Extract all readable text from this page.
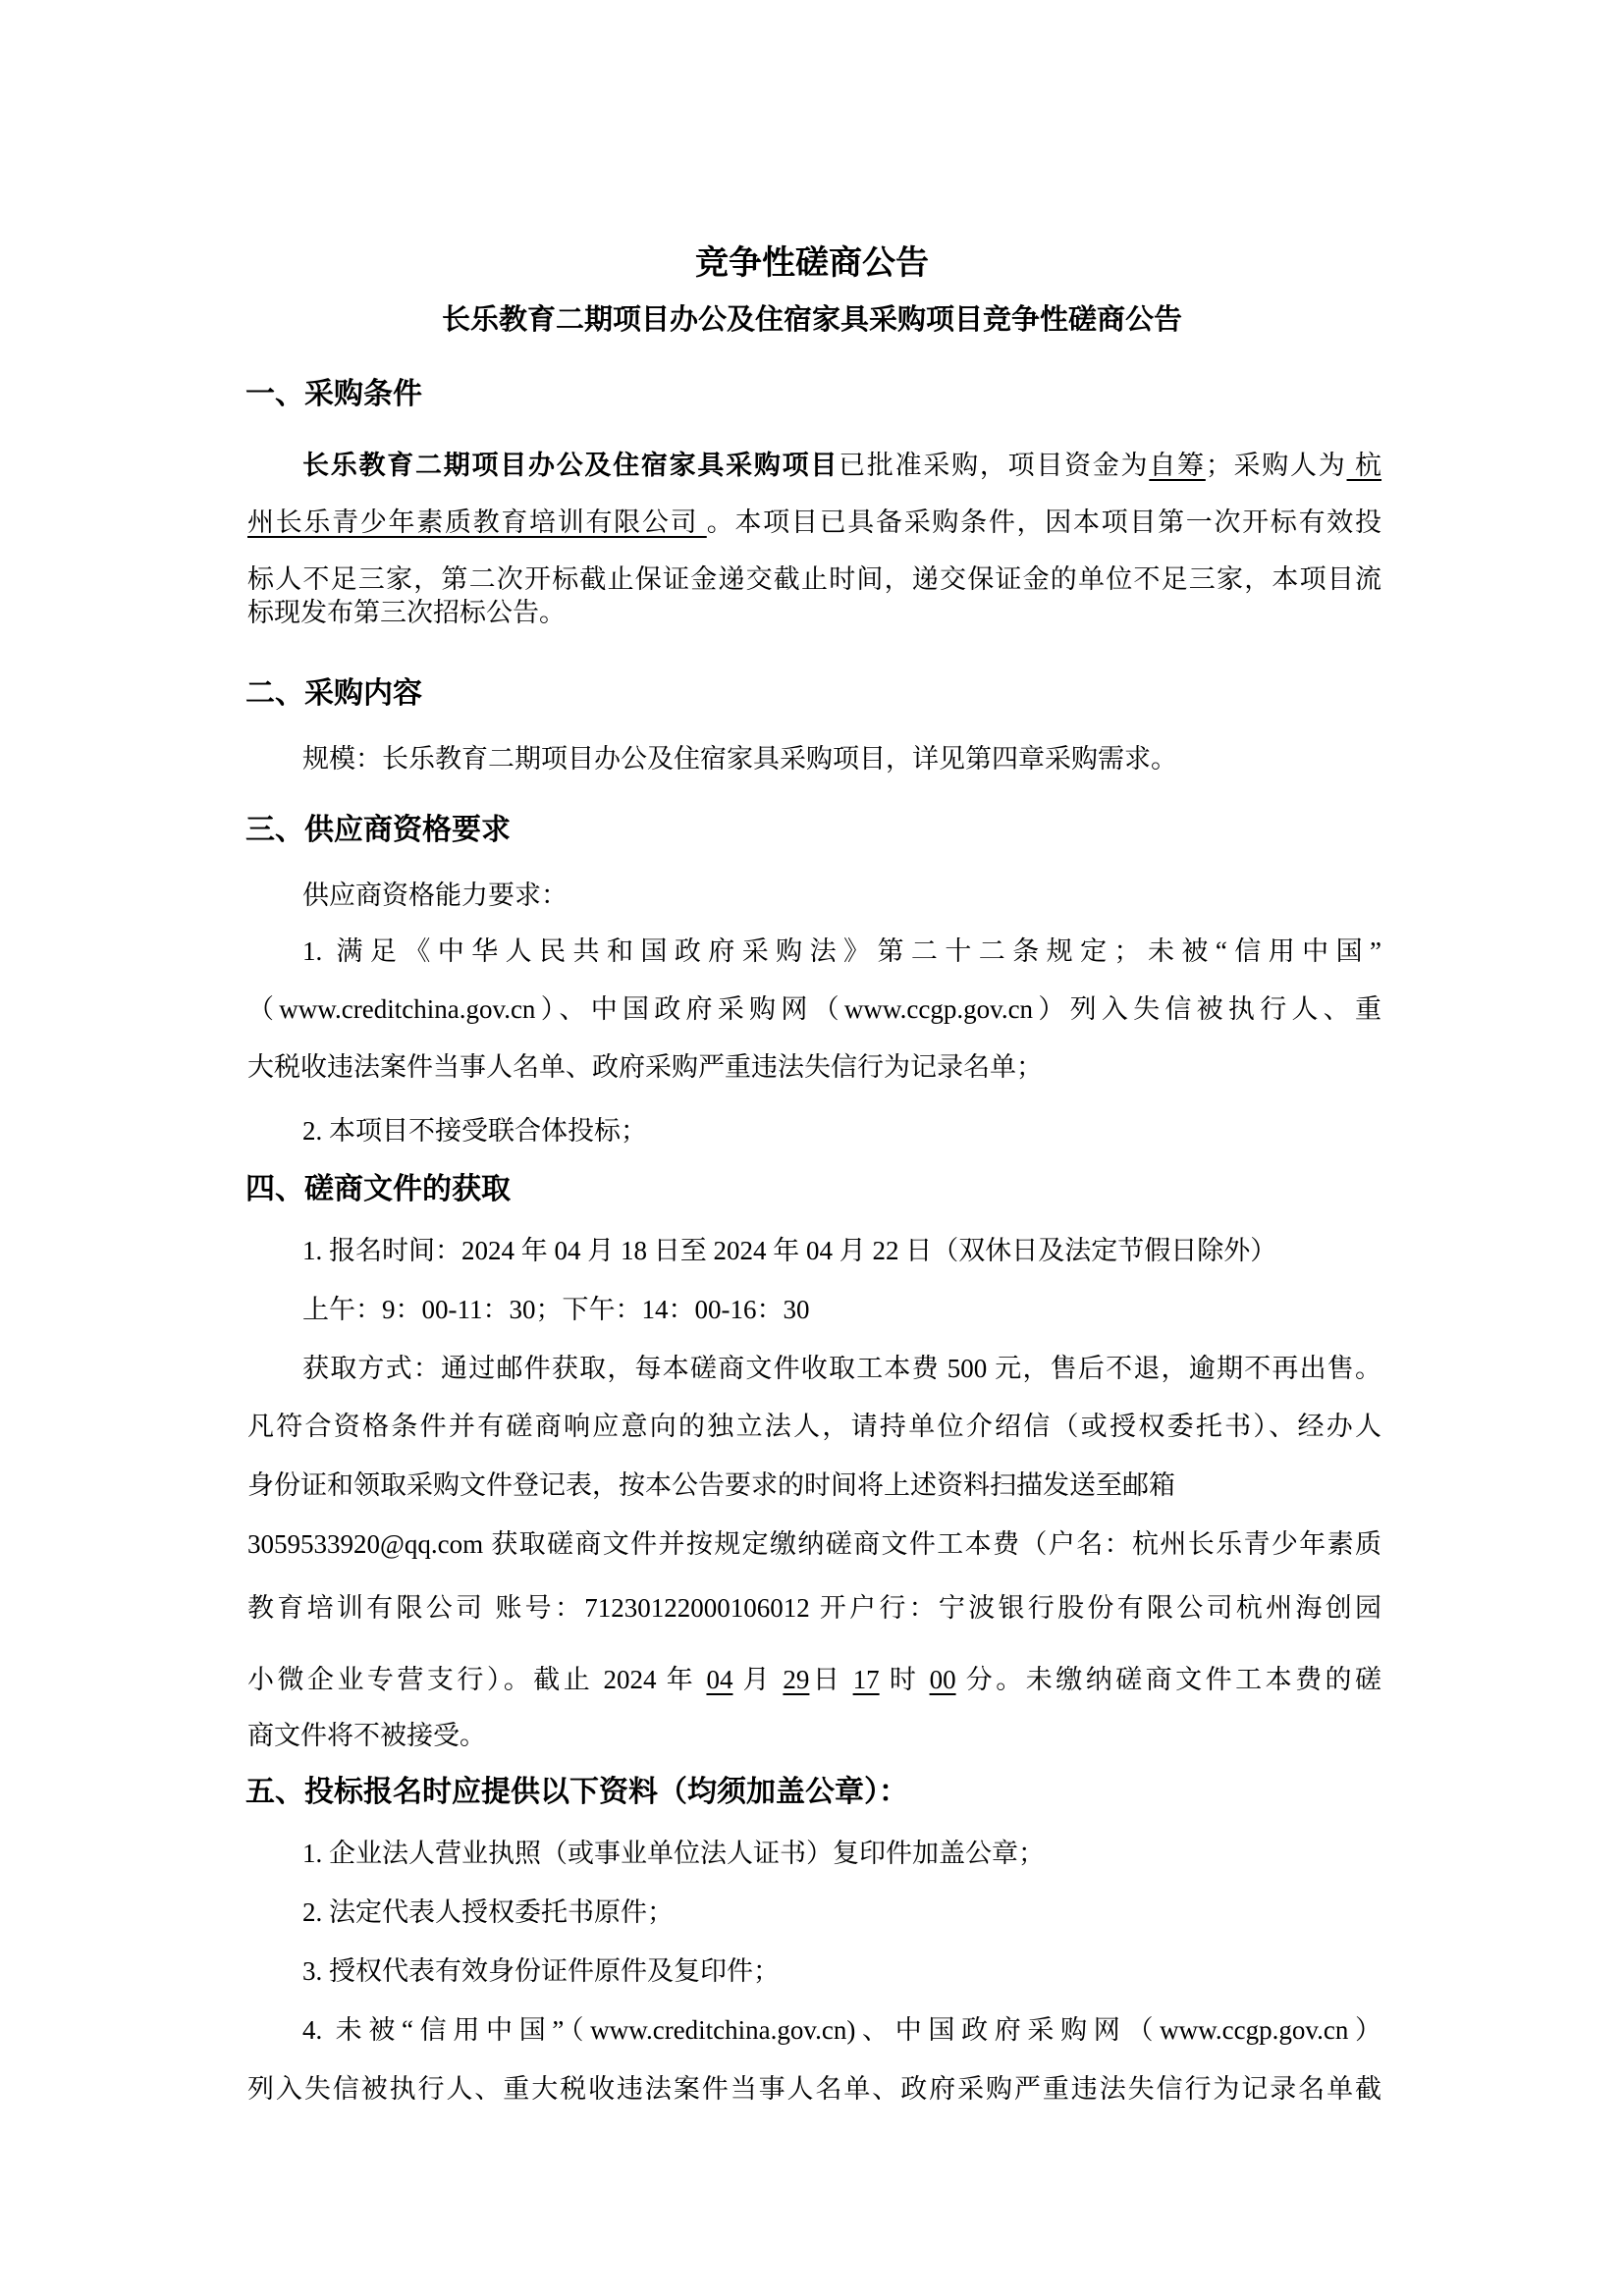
竞争性磋商公告
长乐教育二期项目办公及住宿家具采购项目竞争性磋商公告
一、采购条件
长乐教育二期项目办公及住宿家具采购项目已批准采购，项目资金为自筹；采购人为 杭
州长乐青少年素质教育培训有限公司 。本项目已具备采购条件，因本项目第一次开标有效投
标人不足三家，第二次开标截止保证金递交截止时间，递交保证金的单位不足三家，本项目流
标现发布第三次招标公告。
二、采购内容
规模：长乐教育二期项目办公及住宿家具采购项目，详见第四章采购需求。
三、供应商资格要求
供应商资格能力要求：
1. 满足《中华人民共和国政府采购法》第二十二条规定；未被“信用中国”
（www.creditchina.gov.cn）、中国政府采购网（www.ccgp.gov.cn）列入失信被执行人、重
大税收违法案件当事人名单、政府采购严重违法失信行为记录名单；
2. 本项目不接受联合体投标；
四、磋商文件的获取
1. 报名时间：2024 年 04 月 18 日至 2024 年 04 月 22 日（双休日及法定节假日除外）
上午：9：00-11：30；下午：14：00-16：30
获取方式：通过邮件获取，每本磋商文件收取工本费 500 元，售后不退，逾期不再出售。
凡符合资格条件并有磋商响应意向的独立法人，请持单位介绍信（或授权委托书）、经办人
身份证和领取采购文件登记表，按本公告要求的时间将上述资料扫描发送至邮箱
3059533920@qq.com 获取磋商文件并按规定缴纳磋商文件工本费（户名：杭州长乐青少年素质
教育培训有限公司 账号：71230122000106012 开户行：宁波银行股份有限公司杭州海创园
小微企业专营支行）。截止 2024 年 04 月 29日 17 时 00 分。未缴纳磋商文件工本费的磋
商文件将不被接受。
五、投标报名时应提供以下资料（均须加盖公章）：
1. 企业法人营业执照（或事业单位法人证书）复印件加盖公章；
2. 法定代表人授权委托书原件；
3. 授权代表有效身份证件原件及复印件；
4. 未被“信用中国”（www.creditchina.gov.cn)、中国政府采购网（www.ccgp.gov.cn）
列入失信被执行人、重大税收违法案件当事人名单、政府采购严重违法失信行为记录名单截
